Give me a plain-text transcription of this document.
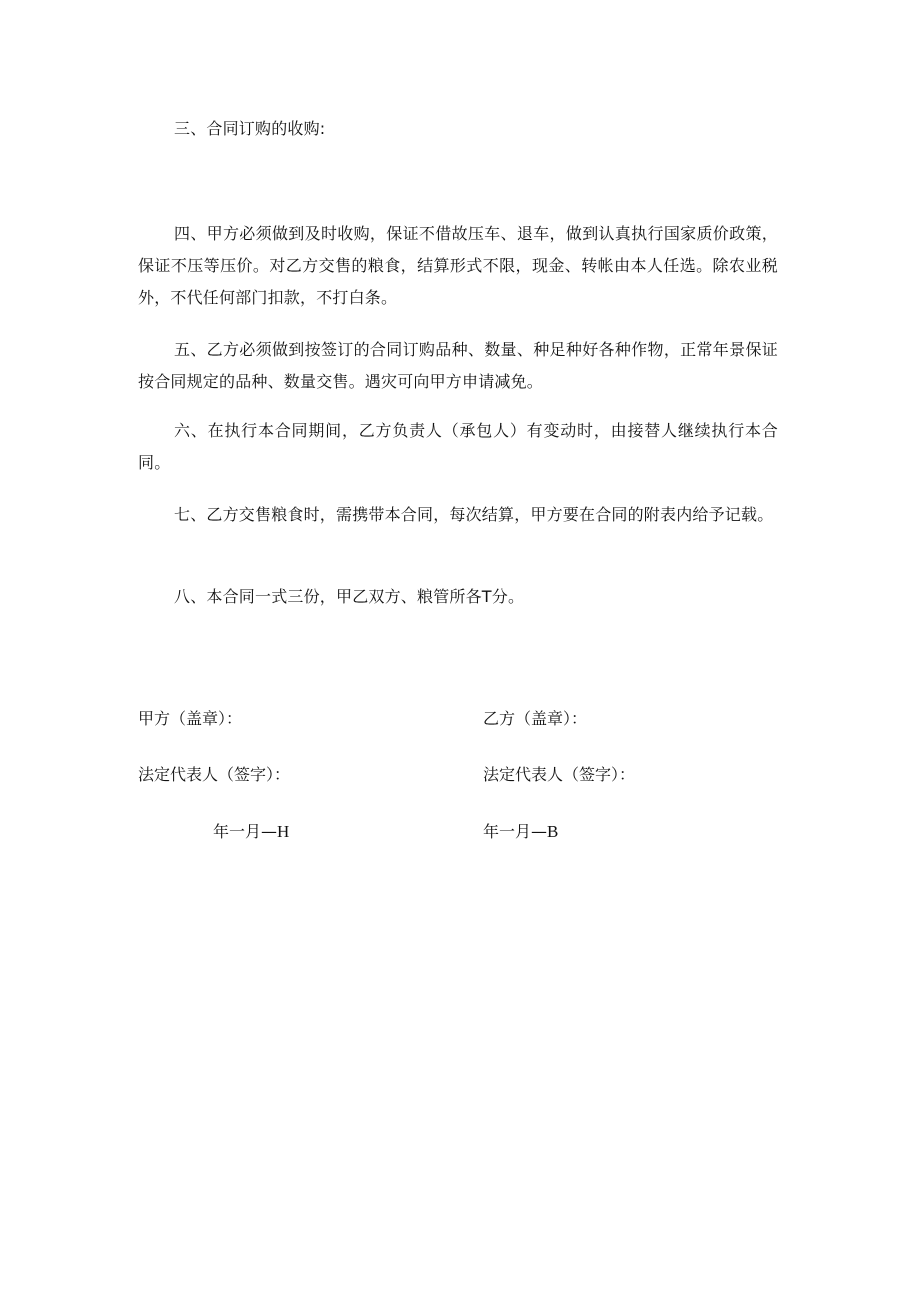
三、合同订购的收购:

四、甲方必须做到及时收购，保证不借故压车、退车，做到认真执行国家质价政策，保证不压等压价。对乙方交售的粮食，结算形式不限，现金、转帐由本人任选。除农业税外，不代任何部门扣款，不打白条。

五、乙方必须做到按签订的合同订购品种、数量、种足种好各种作物，正常年景保证按合同规定的品种、数量交售。遇灾可向甲方申请减免。

六、在执行本合同期间，乙方负责人（承包人）有变动时，由接替人继续执行本合同。

七、乙方交售粮食时，需携带本合同，每次结算，甲方要在合同的附表内给予记载。

八、本合同一式三份，甲乙双方、粮管所各T分。

甲方（盖章）：	乙方（盖章）：

法定代表人（签字）：	法定代表人（签字）：

年一月—H	年一月—B
